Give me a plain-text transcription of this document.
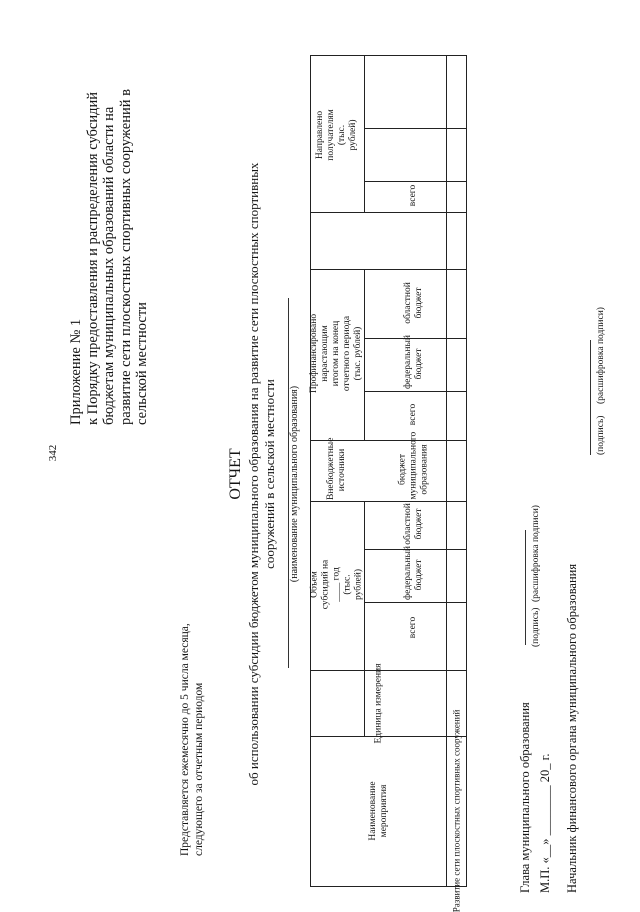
342
Приложение № 1 к Порядку предоставления и распределения субсидий бюджетам муниципальных образований области на развитие сети плоскостных спортивных сооружений в сельской местности
Представляется ежемесячно до 5 числа месяца, следующего за отчетным периодом
ОТЧЕТ об использовании субсидии бюджетом муниципального образования на развитие сети плоскостных спортивных сооружений в сельской местности (наименование муниципального образования)
Наименование мероприятия
Единица измерения
Развитие сети плоскостных спортивных сооружений
Объем субсидий на ____ год (тыс. рублей)
всего
федеральный бюджет
областной бюджет
бюджет муниципального образования
Внебюджетные источники
Профинансировано нарастающим итогом на конец отчетного периода (тыс. рублей)
всего
федеральный бюджет
областной бюджет
Направлено получателям (тыс. рублей)
всего
Глава муниципального образования
(подпись)
(расшифровка подписи)
М.П. «__» ________ 20_ г. Начальник финансового органа муниципального образования
(подпись)
(расшифровка подписи)
